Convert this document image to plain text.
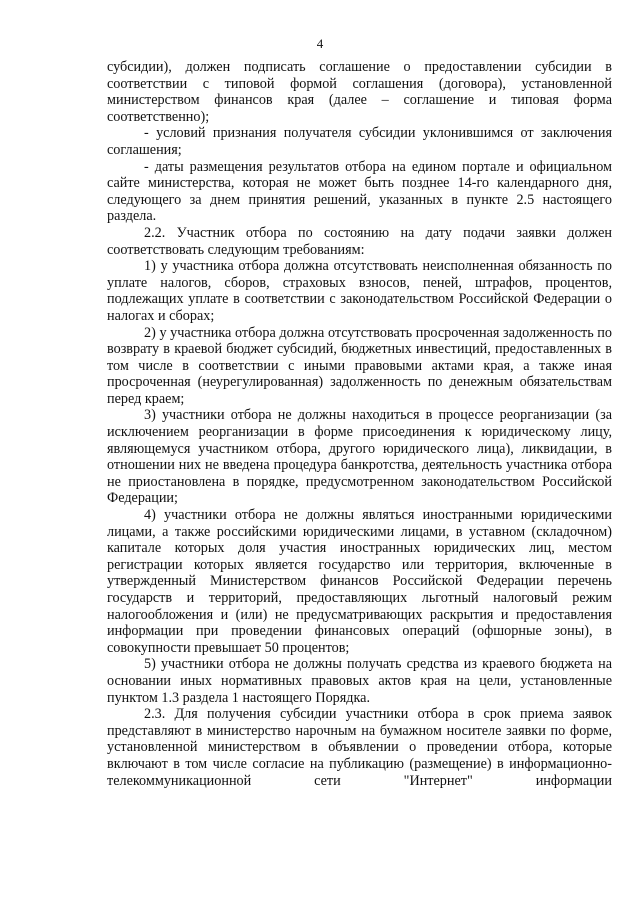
4

субсидии), должен подписать соглашение о предоставлении субсидии в соответствии с типовой формой соглашения (договора), установленной министерством финансов края (далее – соглашение и типовая форма соответственно);

- условий признания получателя субсидии уклонившимся от заключения соглашения;

- даты размещения результатов отбора на едином портале и официальном сайте министерства, которая не может быть позднее 14-го календарного дня, следующего за днем принятия решений, указанных в пункте 2.5 настоящего раздела.

2.2. Участник отбора по состоянию на дату подачи заявки должен соответствовать следующим требованиям:

1) у участника отбора должна отсутствовать неисполненная обязанность по уплате налогов, сборов, страховых взносов, пеней, штрафов, процентов, подлежащих уплате в соответствии с законодательством Российской Федерации о налогах и сборах;

2) у участника отбора должна отсутствовать просроченная задолженность по возврату в краевой бюджет субсидий, бюджетных инвестиций, предоставленных в том числе в соответствии с иными правовыми актами края, а также иная просроченная (неурегулированная) задолженность по денежным обязательствам перед краем;

3) участники отбора не должны находиться в процессе реорганизации (за исключением реорганизации в форме присоединения к юридическому лицу, являющемуся участником отбора, другого юридического лица), ликвидации, в отношении них не введена процедура банкротства, деятельность участника отбора не приостановлена в порядке, предусмотренном законодательством Российской Федерации;

4) участники отбора не должны являться иностранными юридическими лицами, а также российскими юридическими лицами, в уставном (складочном) капитале которых доля участия иностранных юридических лиц, местом регистрации которых является государство или территория, включенные в утвержденный Министерством финансов Российской Федерации перечень государств и территорий, предоставляющих льготный налоговый режим налогообложения и (или) не предусматривающих раскрытия и предоставления информации при проведении финансовых операций (офшорные зоны), в совокупности превышает 50 процентов;

5) участники отбора не должны получать средства из краевого бюджета на основании иных нормативных правовых актов края на цели, установленные пунктом 1.3 раздела 1 настоящего Порядка.

2.3. Для получения субсидии участники отбора в срок приема заявок представляют в министерство нарочным на бумажном носителе заявки по форме, установленной министерством в объявлении о проведении отбора, которые включают в том числе согласие на публикацию (размещение) в информационно-телекоммуникационной сети "Интернет" информации
